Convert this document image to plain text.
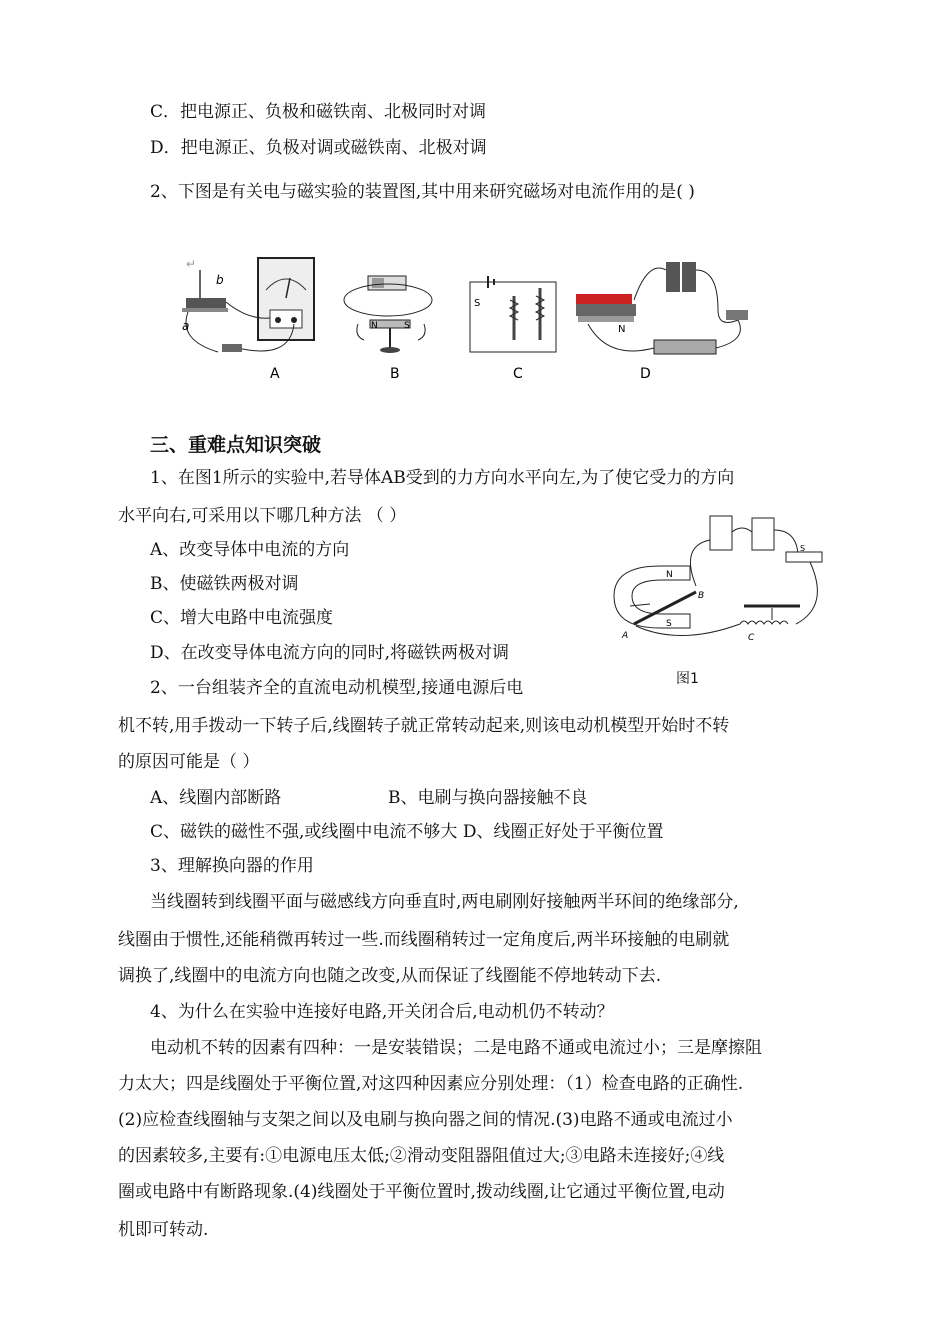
C．把电源正、负极和磁铁南、北极同时对调
D．把电源正、负极对调或磁铁南、北极对调
2、下图是有关电与磁实验的装置图,其中用来研究磁场对电流作用的是( )
a
b
↵
N	S
S
N
A	B	C	D
三、重难点知识突破
1、在图1所示的实验中,若导体AB受到的力方向水平向左,为了使它受力的方向
水平向右,可采用以下哪几种方法 （ ）
A、改变导体中电流的方向
B、使磁铁两极对调
C、增大电路中电流强度
D、在改变导体电流方向的同时,将磁铁两极对调
S
N
S
A
B
C
图1
2、一台组装齐全的直流电动机模型,接通电源后电
机不转,用手拨动一下转子后,线圈转子就正常转动起来,则该电动机模型开始时不转
的原因可能是（ ）
A、线圈内部断路	B、电刷与换向器接触不良
C、磁铁的磁性不强,或线圈中电流不够大 D、线圈正好处于平衡位置
3、理解换向器的作用
当线圈转到线圈平面与磁感线方向垂直时,两电刷刚好接触两半环间的绝缘部分,
线圈由于惯性,还能稍微再转过一些.而线圈稍转过一定角度后,两半环接触的电刷就
调换了,线圈中的电流方向也随之改变,从而保证了线圈能不停地转动下去.
4、为什么在实验中连接好电路,开关闭合后,电动机仍不转动？
电动机不转的因素有四种：一是安装错误；二是电路不通或电流过小；三是摩擦阻
力太大；四是线圈处于平衡位置,对这四种因素应分别处理：（1）检查电路的正确性.
(2)应检查线圈轴与支架之间以及电刷与换向器之间的情况.(3)电路不通或电流过小
的因素较多,主要有:①电源电压太低;②滑动变阻器阻值过大;③电路未连接好;④线
圈或电路中有断路现象.(4)线圈处于平衡位置时,拨动线圈,让它通过平衡位置,电动
机即可转动.
